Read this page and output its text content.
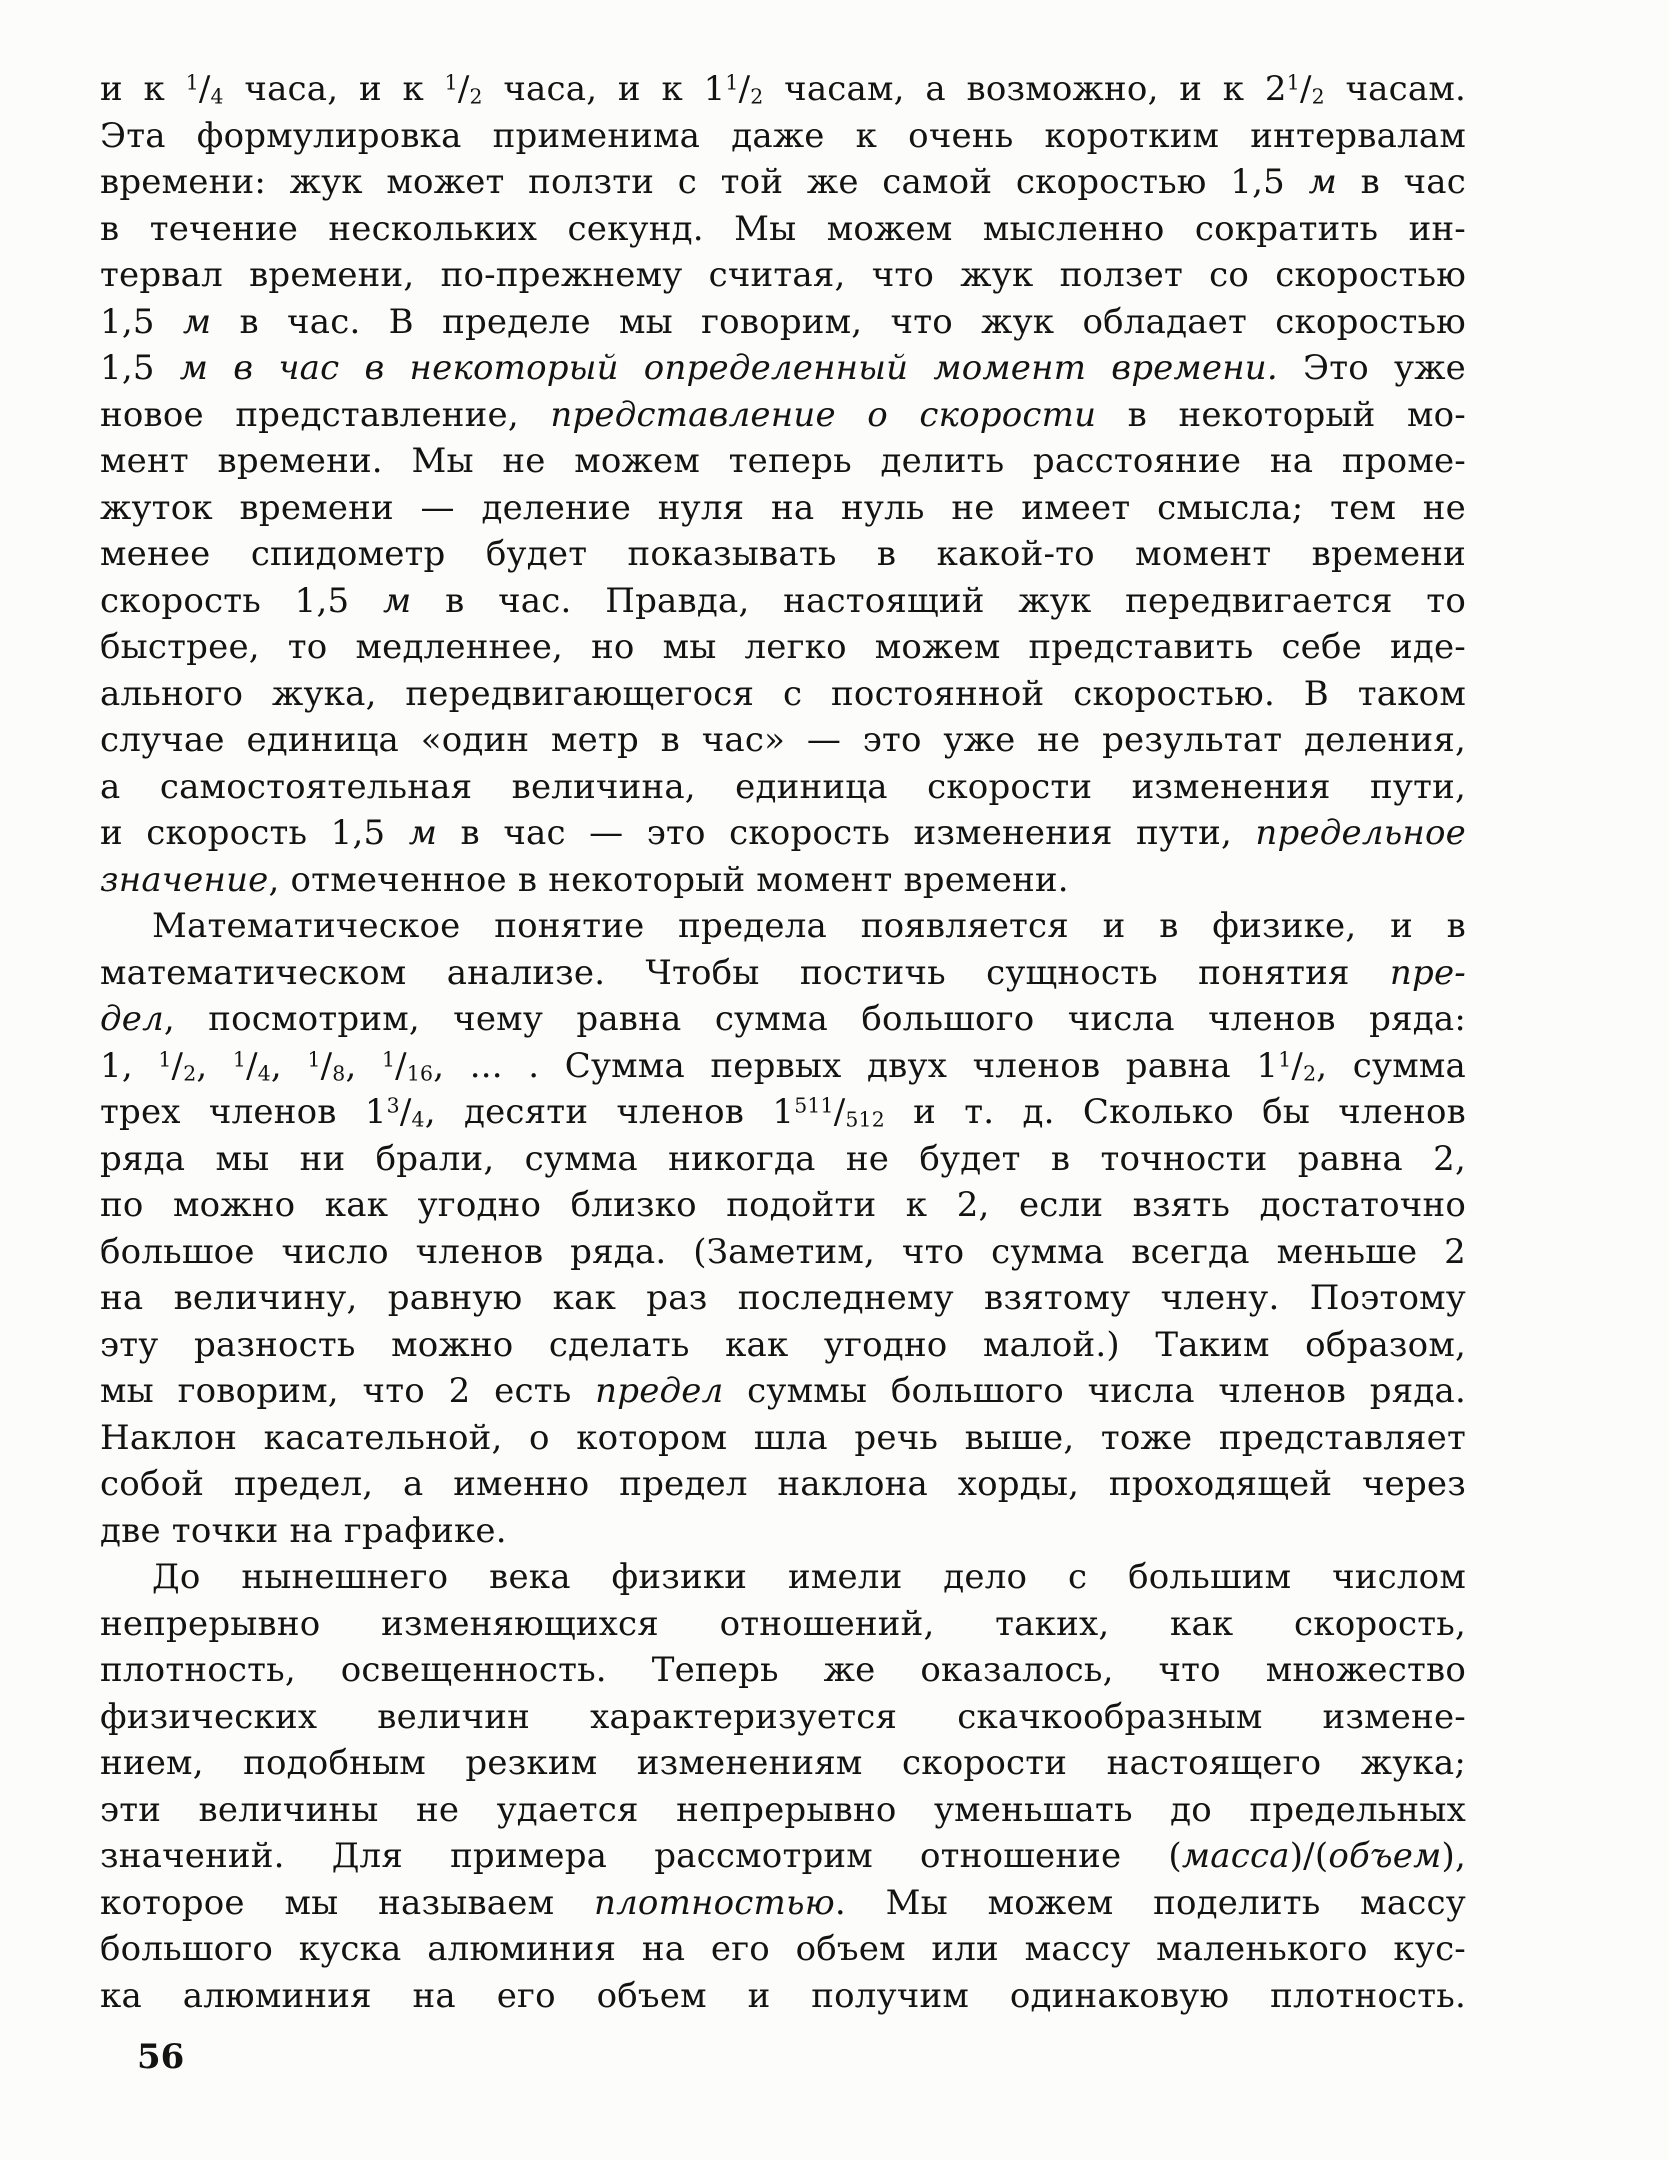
и к $^1/_4$ часа, и к $^1/_2$ часа, и к $1^1/_2$ часам, а возможно, и к $2^1/_2$ часам.
Эта формулировка применима даже к очень коротким интервалам
времени: жук может ползти с той же самой скоростью 1,5 м в час
в течение нескольких секунд. Мы можем мысленно сократить ин-
тервал времени, по-прежнему считая, что жук ползет со скоростью
1,5 м в час. В пределе мы говорим, что жук обладает скоростью
1,5 м в час в некоторый определенный момент времени. Это уже
новое представление, представление о скорости в некоторый мо-
мент времени. Мы не можем теперь делить расстояние на проме-
жуток времени — деление нуля на нуль не имеет смысла; тем не
менее спидометр будет показывать в какой-то момент времени
скорость 1,5 м в час. Правда, настоящий жук передвигается то
быстрее, то медленнее, но мы легко можем представить себе иде-
ального жука, передвигающегося с постоянной скоростью. В таком
случае единица «один метр в час» — это уже не результат деления,
а самостоятельная величина, единица скорости изменения пути,
и скорость 1,5 м в час — это скорость изменения пути, предельное
значение, отмеченное в некоторый момент времени.
Математическое понятие предела появляется и в физике, и в
математическом анализе. Чтобы постичь сущность понятия пре-
дел, посмотрим, чему равна сумма большого числа членов ряда:
1, $^1/_2$, $^1/_4$, $^1/_8$, $^1/_{16}$, ... . Сумма первых двух членов равна $1^1/_2$, сумма
трех членов $1^3/_4$, десяти членов $1^{511}/_{512}$ и т. д. Сколько бы членов
ряда мы ни брали, сумма никогда не будет в точности равна 2,
по можно как угодно близко подойти к 2, если взять достаточно
большое число членов ряда. (Заметим, что сумма всегда меньше 2
на величину, равную как раз последнему взятому члену. Поэтому
эту разность можно сделать как угодно малой.) Таким образом,
мы говорим, что 2 есть предел суммы большого числа членов ряда.
Наклон касательной, о котором шла речь выше, тоже представляет
собой предел, а именно предел наклона хорды, проходящей через
две точки на графике.
До нынешнего века физики имели дело с большим числом
непрерывно изменяющихся отношений, таких, как скорость,
плотность, освещенность. Теперь же оказалось, что множество
физических величин характеризуется скачкообразным измене-
нием, подобным резким изменениям скорости настоящего жука;
эти величины не удается непрерывно уменьшать до предельных
значений. Для примера рассмотрим отношение (масса)/(объем),
которое мы называем плотностью. Мы можем поделить массу
большого куска алюминия на его объем или массу маленького кус-
ка алюминия на его объем и получим одинаковую плотность.
56
